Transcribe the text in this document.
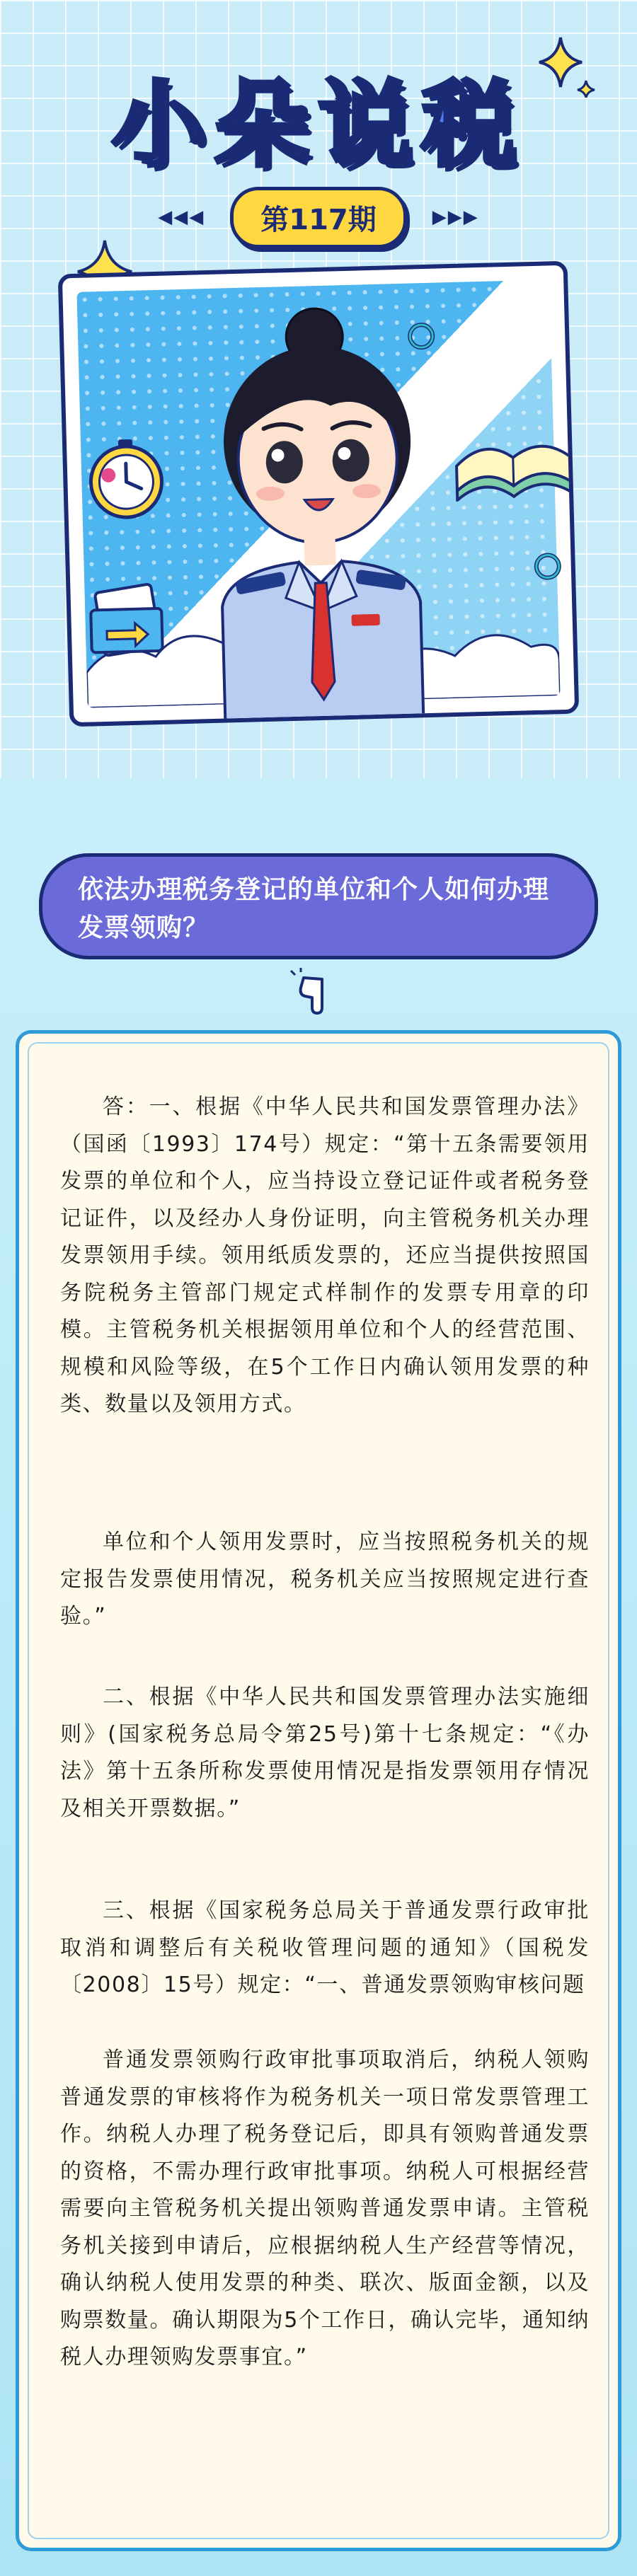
小朵说税
◀◀◀	第117期	▶▶▶
依法办理税务登记的单位和个人如何办理发票领购？

答：一、根据《中华人民共和国发票管理办法》（国函〔1993〕174号）规定：“第十五条需要领用发票的单位和个人，应当持设立登记证件或者税务登记证件，以及经办人身份证明，向主管税务机关办理发票领用手续。领用纸质发票的，还应当提供按照国务院税务主管部门规定式样制作的发票专用章的印模。主管税务机关根据领用单位和个人的经营范围、规模和风险等级，在5个工作日内确认领用发票的种类、数量以及领用方式。

单位和个人领用发票时，应当按照税务机关的规定报告发票使用情况，税务机关应当按照规定进行查验。”

二、根据《中华人民共和国发票管理办法实施细则》(国家税务总局令第25号)第十七条规定：“《办法》第十五条所称发票使用情况是指发票领用存情况及相关开票数据。”

三、根据《国家税务总局关于普通发票行政审批取消和调整后有关税收管理问题的通知》（国税发〔2008〕15号）规定：“一、普通发票领购审核问题

普通发票领购行政审批事项取消后，纳税人领购普通发票的审核将作为税务机关一项日常发票管理工作。纳税人办理了税务登记后，即具有领购普通发票的资格，不需办理行政审批事项。纳税人可根据经营需要向主管税务机关提出领购普通发票申请。主管税务机关接到申请后，应根据纳税人生产经营等情况，确认纳税人使用发票的种类、联次、版面金额，以及购票数量。确认期限为5个工作日，确认完毕，通知纳税人办理领购发票事宜。”
